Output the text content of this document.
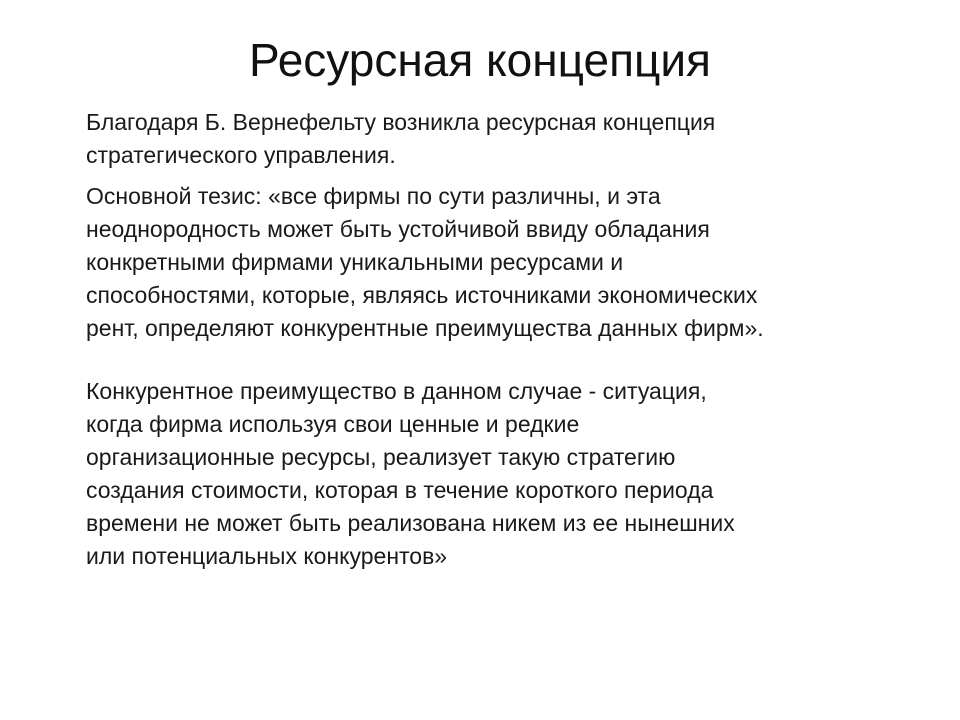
Ресурсная концепция

Благодаря Б. Вернефельту возникла ресурсная концепция
стратегического управления.

Основной тезис: «все фирмы по сути различны, и эта
неоднородность может быть устойчивой ввиду обладания
конкретными фирмами уникальными ресурсами и
способностями, которые, являясь источниками экономических
рент, определяют конкурентные преимущества данных фирм».

Конкурентное преимущество в данном случае - ситуация,
когда фирма используя свои ценные и редкие
организационные ресурсы, реализует такую стратегию
создания стоимости, которая в течение короткого периода
времени не может быть реализована никем из ее нынешних
или потенциальных конкурентов»
